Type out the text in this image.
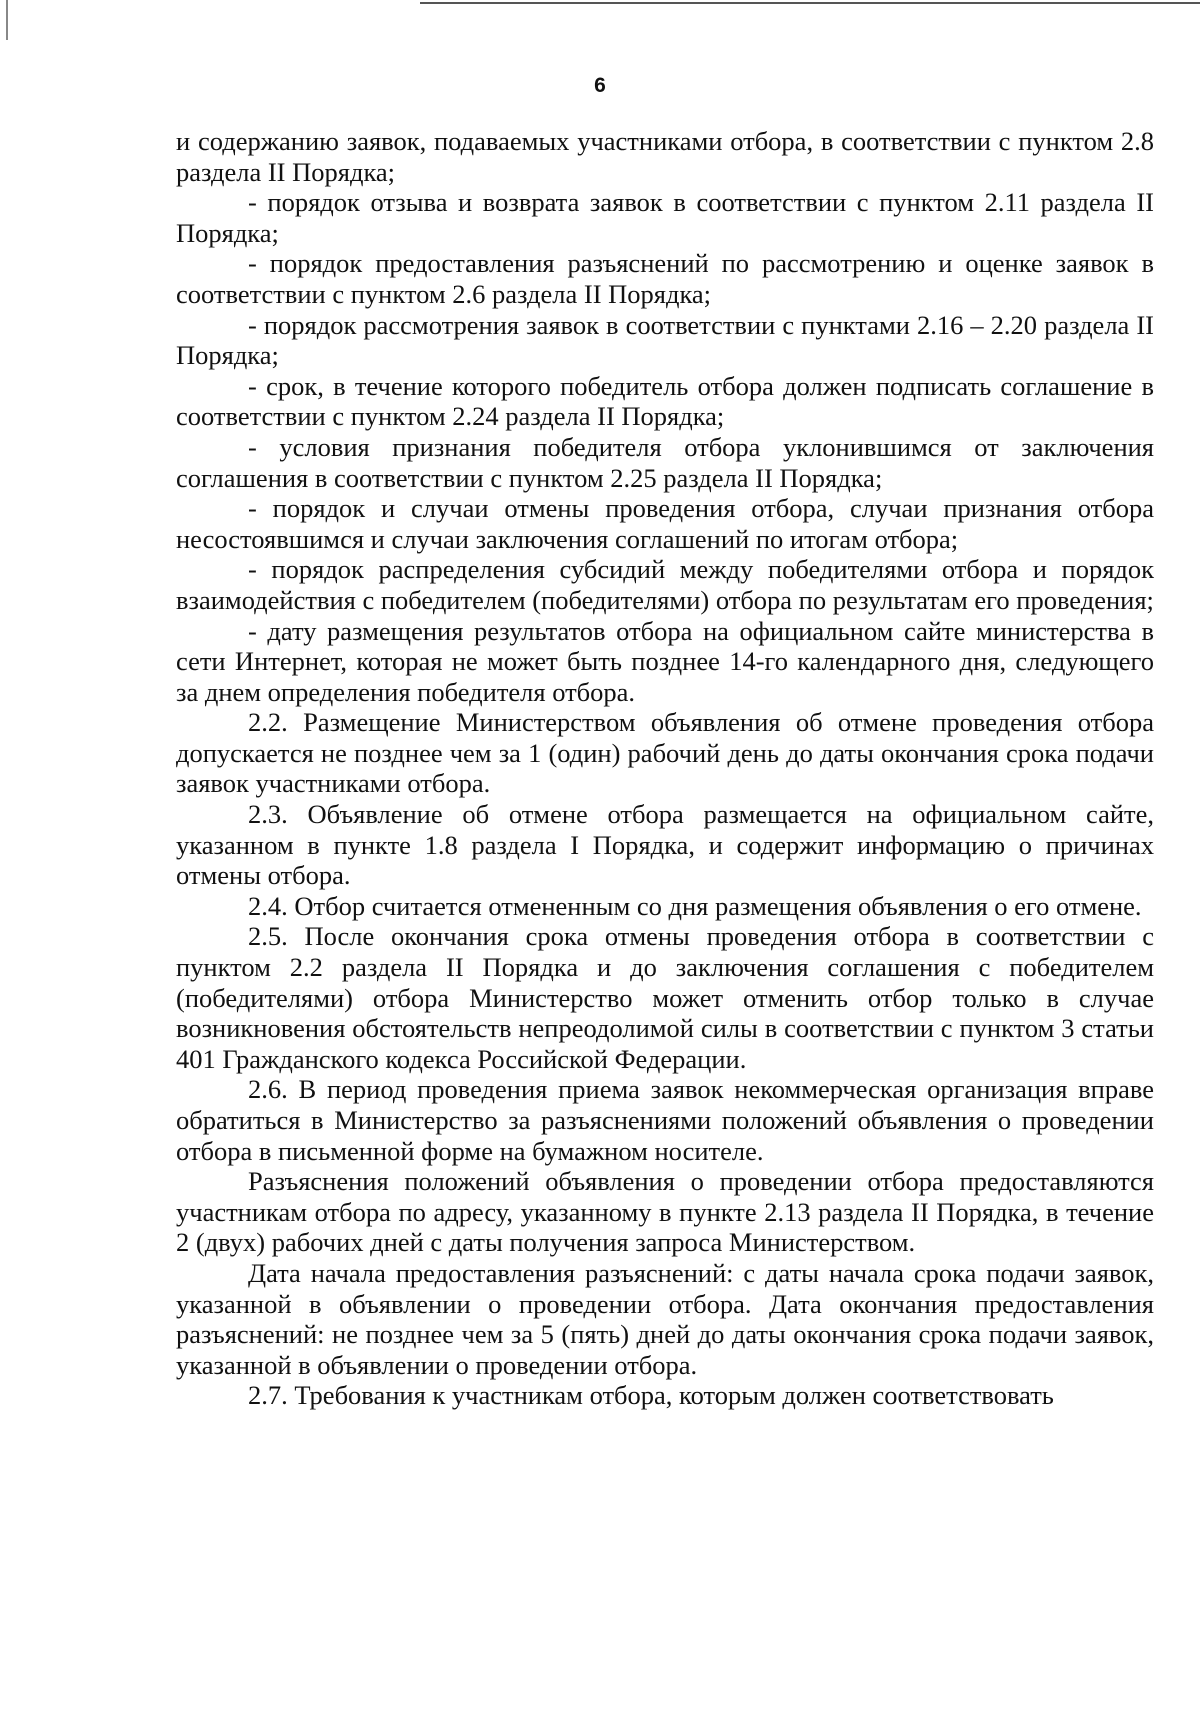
6

и содержанию заявок, подаваемых участниками отбора, в соответствии с пунктом 2.8 раздела II Порядка;

- порядок отзыва и возврата заявок в соответствии с пунктом 2.11 раздела II Порядка;

- порядок предоставления разъяснений по рассмотрению и оценке заявок в соответствии с пунктом 2.6 раздела II Порядка;

- порядок рассмотрения заявок в соответствии с пунктами 2.16 – 2.20 раздела II Порядка;

- срок, в течение которого победитель отбора должен подписать соглашение в соответствии с пунктом 2.24 раздела II Порядка;

- условия признания победителя отбора уклонившимся от заключения соглашения в соответствии с пунктом 2.25 раздела II Порядка;

- порядок и случаи отмены проведения отбора, случаи признания отбора несостоявшимся и случаи заключения соглашений по итогам отбора;

- порядок распределения субсидий между победителями отбора и порядок взаимодействия с победителем (победителями) отбора по результатам его проведения;

- дату размещения результатов отбора на официальном сайте министерства в сети Интернет, которая не может быть позднее 14-го календарного дня, следующего за днем определения победителя отбора.

2.2. Размещение Министерством объявления об отмене проведения отбора допускается не позднее чем за 1 (один) рабочий день до даты окончания срока подачи заявок участниками отбора.

2.3. Объявление об отмене отбора размещается на официальном сайте, указанном в пункте 1.8 раздела I Порядка, и содержит информацию о причинах отмены отбора.

2.4. Отбор считается отмененным со дня размещения объявления о его отмене.

2.5. После окончания срока отмены проведения отбора в соответствии с пунктом 2.2 раздела II Порядка и до заключения соглашения с победителем (победителями) отбора Министерство может отменить отбор только в случае возникновения обстоятельств непреодолимой силы в соответствии с пунктом 3 статьи 401 Гражданского кодекса Российской Федерации.

2.6. В период проведения приема заявок некоммерческая организация вправе обратиться в Министерство за разъяснениями положений объявления о проведении отбора в письменной форме на бумажном носителе.

Разъяснения положений объявления о проведении отбора предоставляются участникам отбора по адресу, указанному в пункте 2.13 раздела II Порядка, в течение 2 (двух) рабочих дней с даты получения запроса Министерством.

Дата начала предоставления разъяснений: с даты начала срока подачи заявок, указанной в объявлении о проведении отбора. Дата окончания предоставления разъяснений: не позднее чем за 5 (пять) дней до даты окончания срока подачи заявок, указанной в объявлении о проведении отбора.

2.7. Требования к участникам отбора, которым должен соответствовать
